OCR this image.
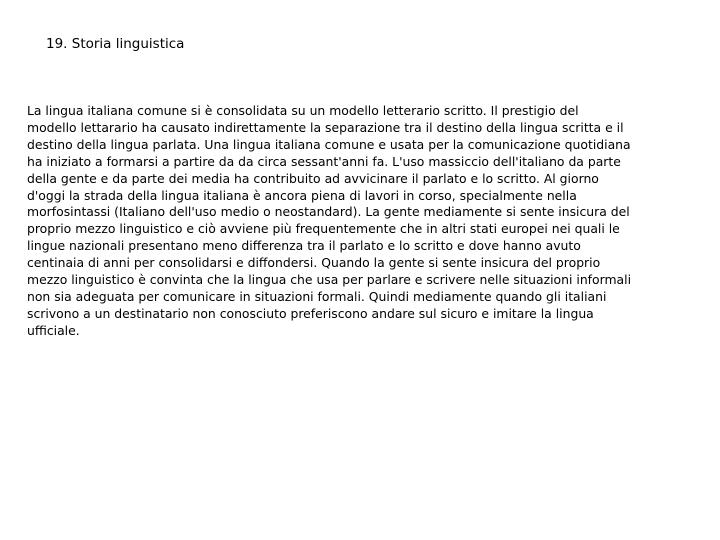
19. Storia linguistica
La lingua italiana comune si è consolidata su un modello letterario scritto. Il prestigio del
modello lettarario ha causato indirettamente la separazione tra il destino della lingua scritta e il
destino della lingua parlata. Una lingua italiana comune e usata per la comunicazione quotidiana
ha iniziato a formarsi a partire da da circa sessant'anni fa. L'uso massiccio dell'italiano da parte
della gente e da parte dei media ha contribuito ad avvicinare il parlato e lo scritto. Al giorno
d'oggi la strada della lingua italiana è ancora piena di lavori in corso, specialmente nella
morfosintassi (Italiano dell'uso medio o neostandard). La gente mediamente si sente insicura del
proprio mezzo linguistico e ciò avviene più frequentemente che in altri stati europei nei quali le
lingue nazionali presentano meno differenza tra il parlato e lo scritto e dove hanno avuto
centinaia di anni per consolidarsi e diffondersi. Quando la gente si sente insicura del proprio
mezzo linguistico è convinta che la lingua che usa per parlare e scrivere nelle situazioni informali
non sia adeguata per comunicare in situazioni formali. Quindi mediamente quando gli italiani
scrivono a un destinatario non conosciuto preferiscono andare sul sicuro e imitare la lingua
ufficiale.
